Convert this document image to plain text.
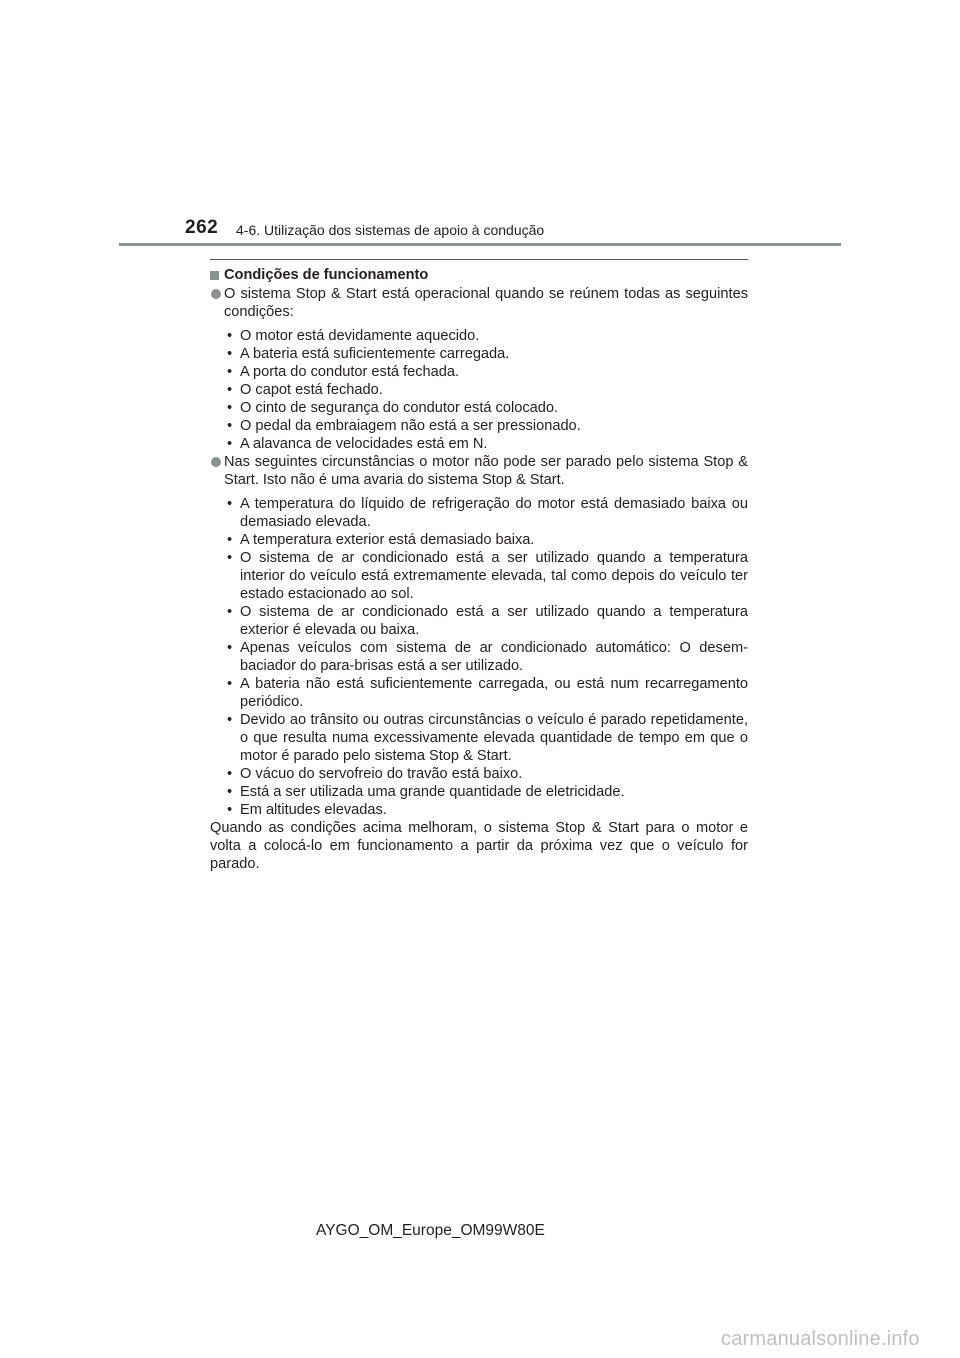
262 4-6. Utilização dos sistemas de apoio à condução
Condições de funcionamento
O sistema Stop & Start está operacional quando se reúnem todas as seguintes condições:
• O motor está devidamente aquecido.
• A bateria está suficientemente carregada.
• A porta do condutor está fechada.
• O capot está fechado.
• O cinto de segurança do condutor está colocado.
• O pedal da embraiagem não está a ser pressionado.
• A alavanca de velocidades está em N.
Nas seguintes circunstâncias o motor não pode ser parado pelo sistema Stop & Start. Isto não é uma avaria do sistema Stop & Start.
• A temperatura do líquido de refrigeração do motor está demasiado baixa ou demasiado elevada.
• A temperatura exterior está demasiado baixa.
• O sistema de ar condicionado está a ser utilizado quando a temperatura interior do veículo está extremamente elevada, tal como depois do veículo ter estado estacionado ao sol.
• O sistema de ar condicionado está a ser utilizado quando a temperatura exterior é elevada ou baixa.
• Apenas veículos com sistema de ar condicionado automático: O desembaciador do para-brisas está a ser utilizado.
• A bateria não está suficientemente carregada, ou está num recarregamento periódico.
• Devido ao trânsito ou outras circunstâncias o veículo é parado repetidamente, o que resulta numa excessivamente elevada quantidade de tempo em que o motor é parado pelo sistema Stop & Start.
• O vácuo do servofreio do travão está baixo.
• Está a ser utilizada uma grande quantidade de eletricidade.
• Em altitudes elevadas.
Quando as condições acima melhoram, o sistema Stop & Start para o motor e volta a colocá-lo em funcionamento a partir da próxima vez que o veículo for parado.
AYGO_OM_Europe_OM99W80E
carmanualsonline.info
